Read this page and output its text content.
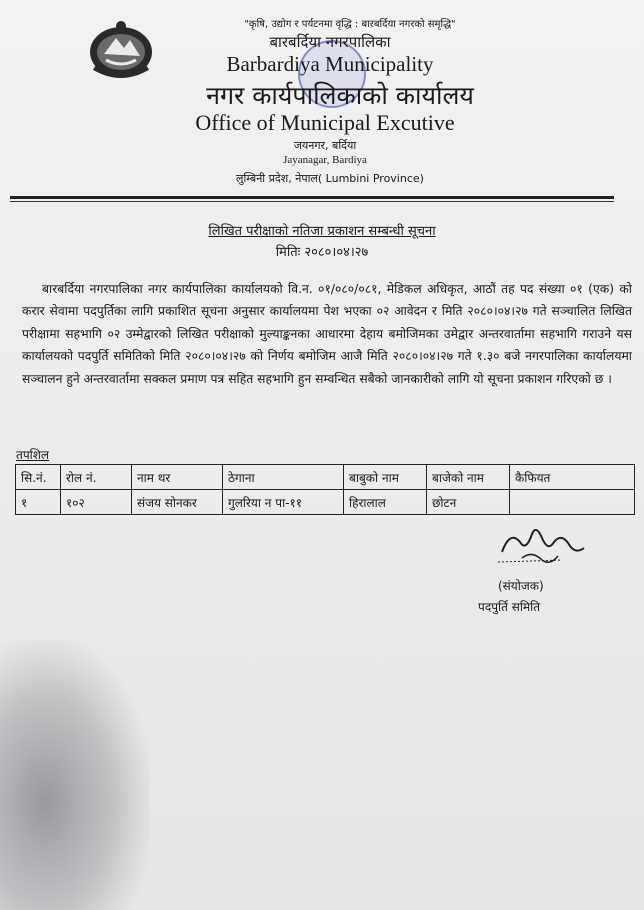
"कृषि, उद्योग र पर्यटनमा वृद्धि : बारबर्दिया नगरको समृद्धि"
बारबर्दिया नगरपालिका
Barbardiya Municipality
नगर कार्यपालिकाको कार्यालय
Office of Municipal Excutive
जयनगर, बर्दिया
Jayanagar, Bardiya
लुम्बिनी प्रदेश, नेपाल( Lumbini Province)
लिखित परीक्षाको नतिजा प्रकाशन सम्बन्धी सूचना
मितिः २०८०।०४।२७
बारबर्दिया नगरपालिका नगर कार्यपालिका कार्यालयको वि.न. ०१/०८०/०८१, मेडिकल अधिकृत, आठौं तह पद संख्या ०१ (एक) को करार सेवामा पदपुर्तिका लागि प्रकाशित सूचना अनुसार कार्यालयमा पेश भएका ०२ आवेदन र मिति २०८०।०४।२७ गते सञ्चालित लिखित परीक्षामा सहभागि ०२ उम्मेद्वारको लिखित परीक्षाको मुल्याङ्कनका आधारमा देहाय बमोजिमका उमेद्वार अन्तरवार्तामा सहभागि गराउने यस कार्यालयको पदपुर्ति समितिको मिति २०८०।०४।२७ को निर्णय बमोजिम आजै मिति २०८०।०४।२७ गते १.३० बजे नगरपालिका कार्यालयमा सञ्चालन हुने अन्तरवार्तामा सक्कल प्रमाण पत्र सहित सहभागि हुन सम्वन्धित सबैको जानकारीको लागि यो सूचना प्रकाशन गरिएको छ ।
तपशिल
सि.नं.	रोल नं.	नाम थर	ठेगाना	बाबुको नाम	बाजेको नाम	कैफियत
१	१०२	संजय सोनकर	गुलरिया न पा-११	हिरालाल	छोटन	
(संयोजक)
पदपुर्ति समिति
